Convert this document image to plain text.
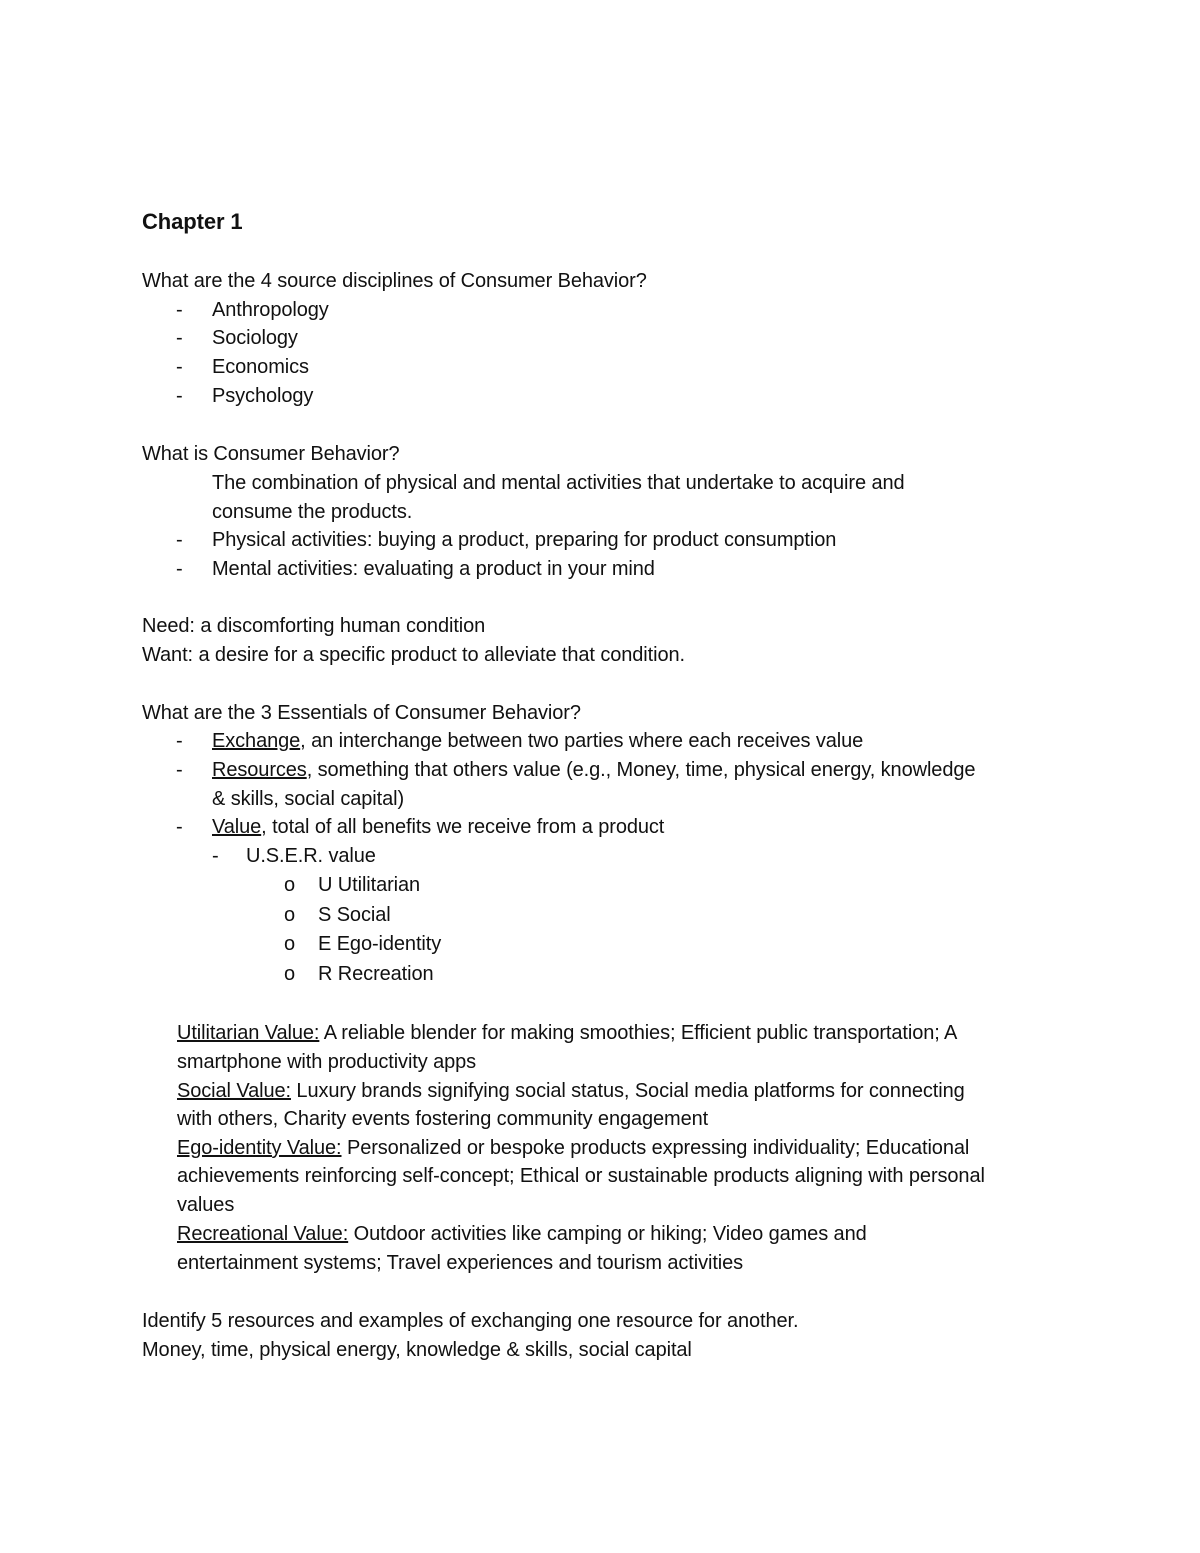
Chapter 1
What are the 4 source disciplines of Consumer Behavior?
- Anthropology
- Sociology
- Economics
- Psychology
What is Consumer Behavior?
The combination of physical and mental activities that undertake to acquire and
consume the products.
- Physical activities: buying a product, preparing for product consumption
- Mental activities: evaluating a product in your mind
Need: a discomforting human condition
Want: a desire for a specific product to alleviate that condition.
What are the 3 Essentials of Consumer Behavior?
- Exchange, an interchange between two parties where each receives value
- Resources, something that others value (e.g., Money, time, physical energy, knowledge
& skills, social capital)
- Value, total of all benefits we receive from a product
- U.S.E.R. value
o U Utilitarian
o S Social
o E Ego-identity
o R Recreation
Utilitarian Value: A reliable blender for making smoothies; Efficient public transportation; A
smartphone with productivity apps
Social Value: Luxury brands signifying social status, Social media platforms for connecting
with others, Charity events fostering community engagement
Ego-identity Value: Personalized or bespoke products expressing individuality; Educational
achievements reinforcing self-concept; Ethical or sustainable products aligning with personal
values
Recreational Value: Outdoor activities like camping or hiking; Video games and
entertainment systems; Travel experiences and tourism activities
Identify 5 resources and examples of exchanging one resource for another.
Money, time, physical energy, knowledge & skills, social capital
